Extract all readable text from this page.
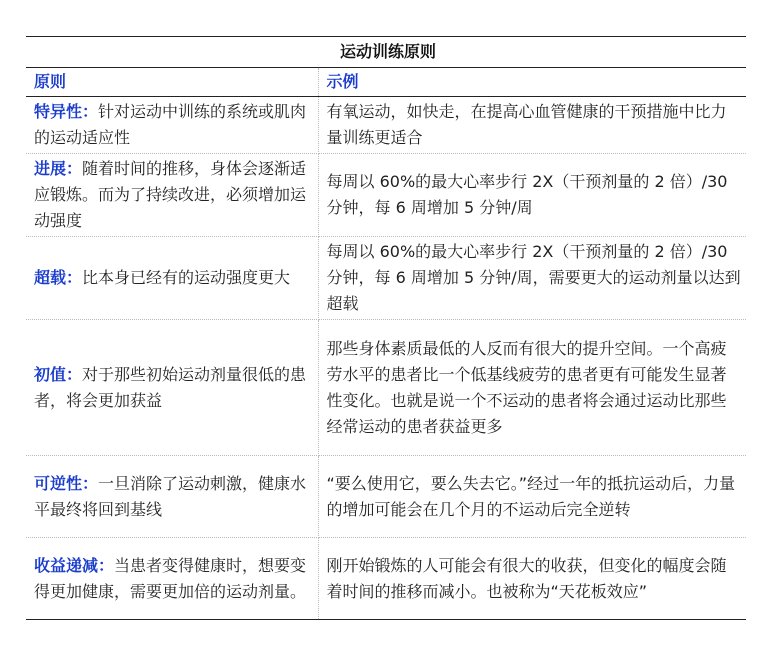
运动训练原则	
原则	示例
特异性：针对运动中训练的系统或肌肉的运动适应性	有氧运动，如快走，在提高心血管健康的干预措施中比力量训练更适合
进展：随着时间的推移，身体会逐渐适应锻炼。而为了持续改进，必须增加运动强度	每周以 60%的最大心率步行 2X（干预剂量的 2 倍）/30 分钟，每 6 周增加 5 分钟/周
超载：比本身已经有的运动强度更大	每周以 60%的最大心率步行 2X（干预剂量的 2 倍）/30 分钟，每 6 周增加 5 分钟/周，需要更大的运动剂量以达到超载
初值：对于那些初始运动剂量很低的患者，将会更加获益	那些身体素质最低的人反而有很大的提升空间。一个高疲劳水平的患者比一个低基线疲劳的患者更有可能发生显著性变化。也就是说一个不运动的患者将会通过运动比那些经常运动的患者获益更多
可逆性：一旦消除了运动刺激，健康水平最终将回到基线	“要么使用它，要么失去它。”经过一年的抵抗运动后，力量的增加可能会在几个月的不运动后完全逆转
收益递减：当患者变得健康时，想要变得更加健康，需要更加倍的运动剂量。	刚开始锻炼的人可能会有很大的收获，但变化的幅度会随着时间的推移而减小。也被称为“天花板效应”
